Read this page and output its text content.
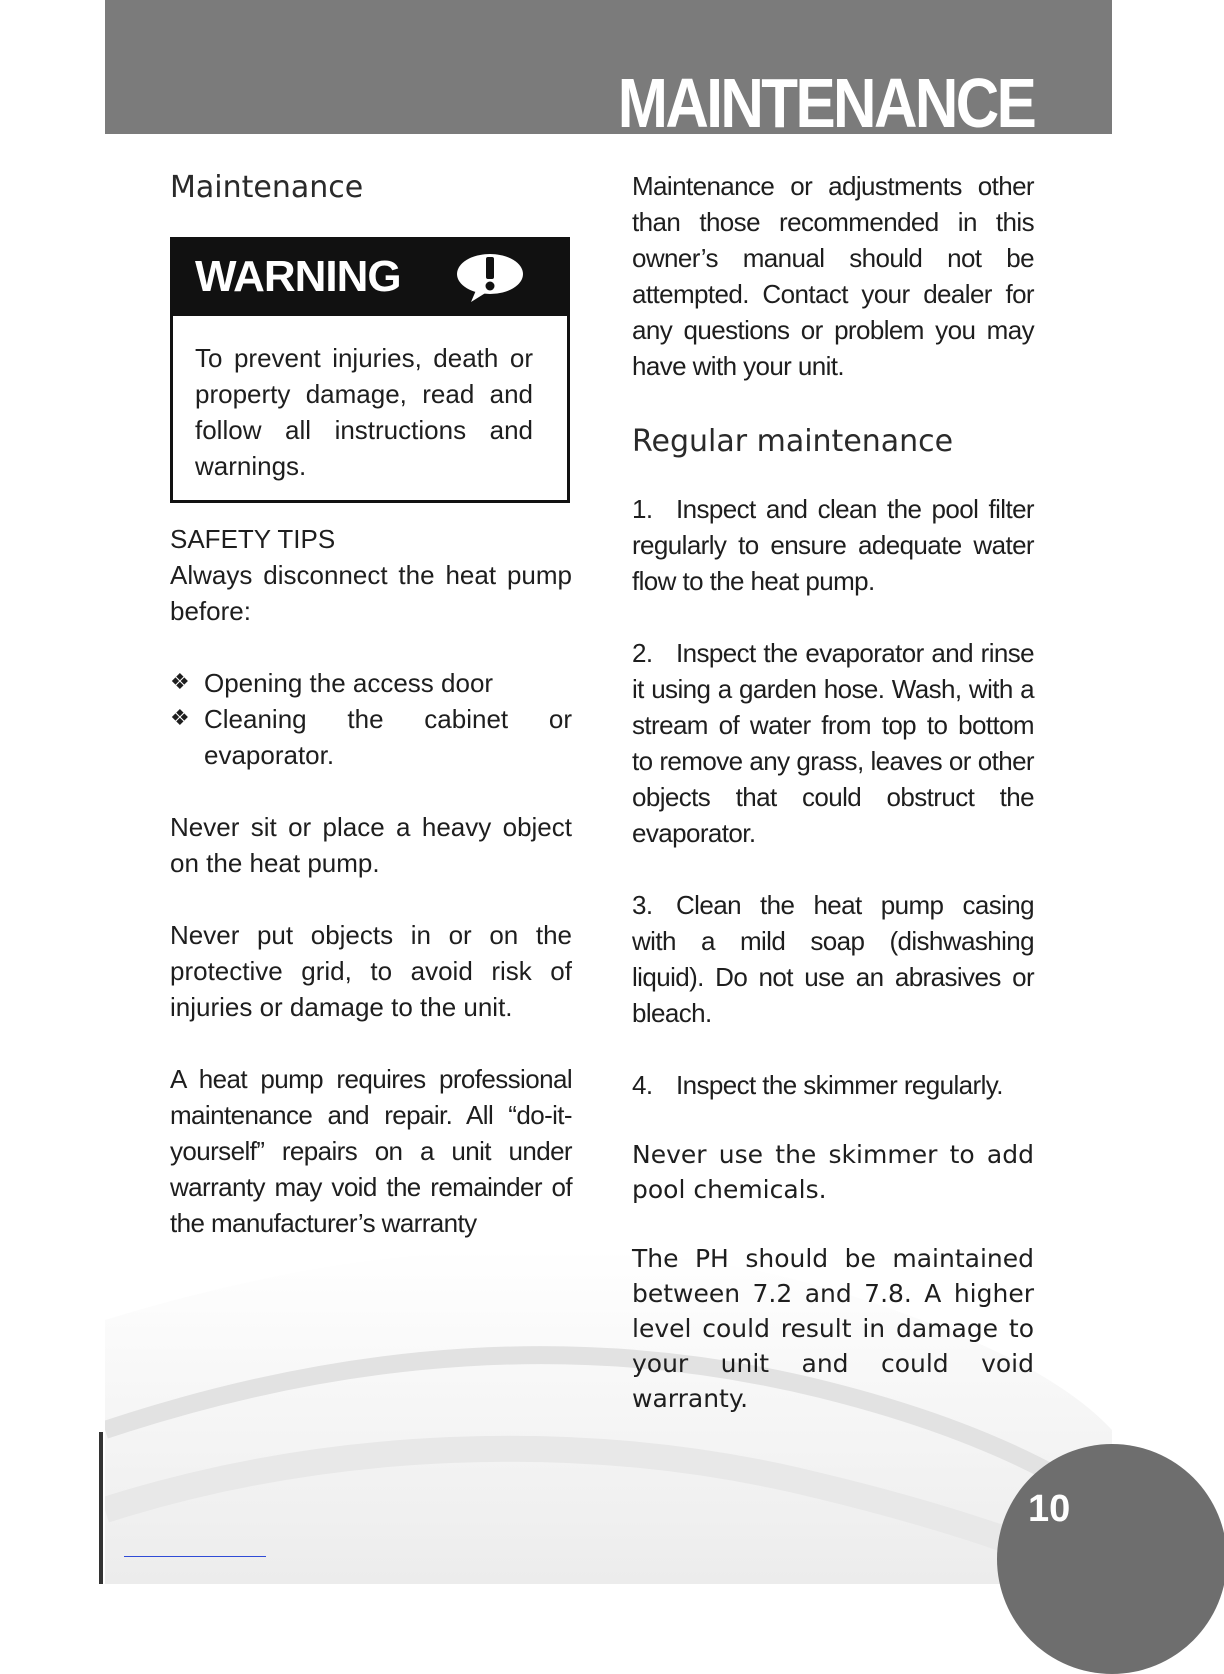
MAINTENANCE
Maintenance
WARNING

To prevent injuries, death or property damage, read and follow all instructions and warnings.

SAFETY TIPS

Always disconnect the heat pump before:

❖ Opening the access door
❖ Cleaning the cabinet or evaporator.

Never sit or place a heavy object on the heat pump.

Never put objects in or on the protective grid, to avoid risk of injuries or damage to the unit.

A heat pump requires professional maintenance and repair. All “do-it-yourself” repairs on a unit under warranty may void the remainder of the manufacturer’s warranty

Maintenance or adjustments other than those recommended in this owner’s manual should not be attempted. Contact your dealer for any questions or problem you may have with your unit.

Regular maintenance

1. Inspect and clean the pool filter regularly to ensure adequate water flow to the heat pump.

2. Inspect the evaporator and rinse it using a garden hose. Wash, with a stream of water from top to bottom to remove any grass, leaves or other objects that could obstruct the evaporator.

3. Clean the heat pump casing with a mild soap (dishwashing liquid). Do not use an abrasives or bleach.

4. Inspect the skimmer regularly.

Never use the skimmer to add pool chemicals.

The PH should be maintained between 7.2 and 7.8. A higher level could result in damage to your unit and could void warranty.

10
